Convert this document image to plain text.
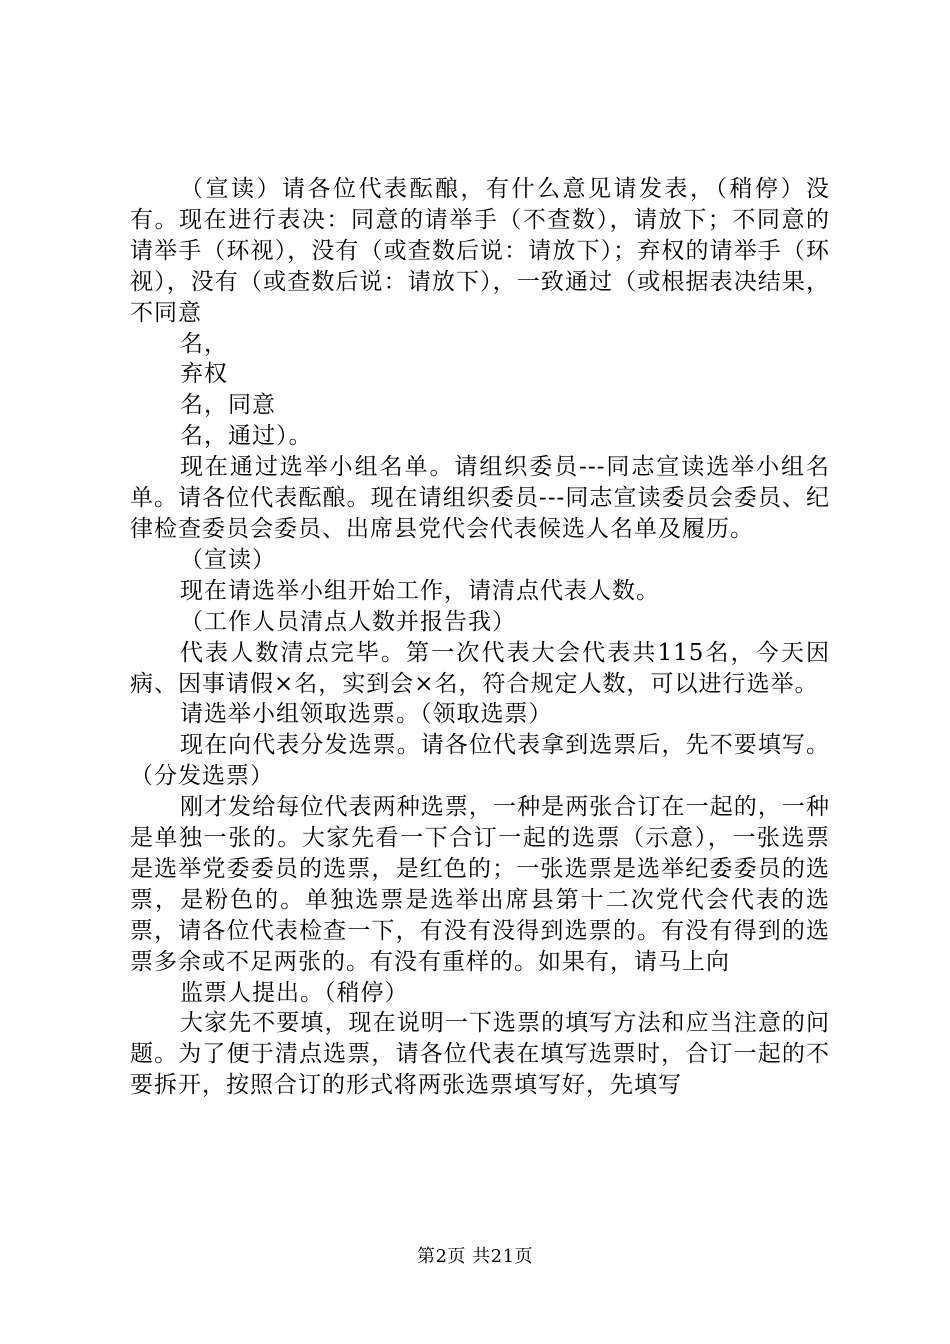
（宣读）请各位代表酝酿，有什么意见请发表，（稍停）没有。现在进行表决：同意的请举手（不查数），请放下；不同意的请举手（环视），没有（或查数后说：请放下）；弃权的请举手（环视），没有（或查数后说：请放下），一致通过（或根据表决结果，不同意

名，

弃权

名，同意

名，通过）。

现在通过选举小组名单。请组织委员---同志宣读选举小组名单。请各位代表酝酿。现在请组织委员---同志宣读委员会委员、纪律检查委员会委员、出席县党代会代表候选人名单及履历。

（宣读）

现在请选举小组开始工作，请清点代表人数。

（工作人员清点人数并报告我）

代表人数清点完毕。第一次代表大会代表共115名，今天因病、因事请假×名，实到会×名，符合规定人数，可以进行选举。

请选举小组领取选票。（领取选票）

现在向代表分发选票。请各位代表拿到选票后，先不要填写。（分发选票）

刚才发给每位代表两种选票，一种是两张合订在一起的，一种是单独一张的。大家先看一下合订一起的选票（示意），一张选票是选举党委委员的选票，是红色的；一张选票是选举纪委委员的选票，是粉色的。单独选票是选举出席县第十二次党代会代表的选票，请各位代表检查一下，有没有没得到选票的。有没有得到的选票多余或不足两张的。有没有重样的。如果有，请马上向

监票人提出。（稍停）

大家先不要填，现在说明一下选票的填写方法和应当注意的问题。为了便于清点选票，请各位代表在填写选票时，合订一起的不要拆开，按照合订的形式将两张选票填写好，先填写

第2页 共21页
